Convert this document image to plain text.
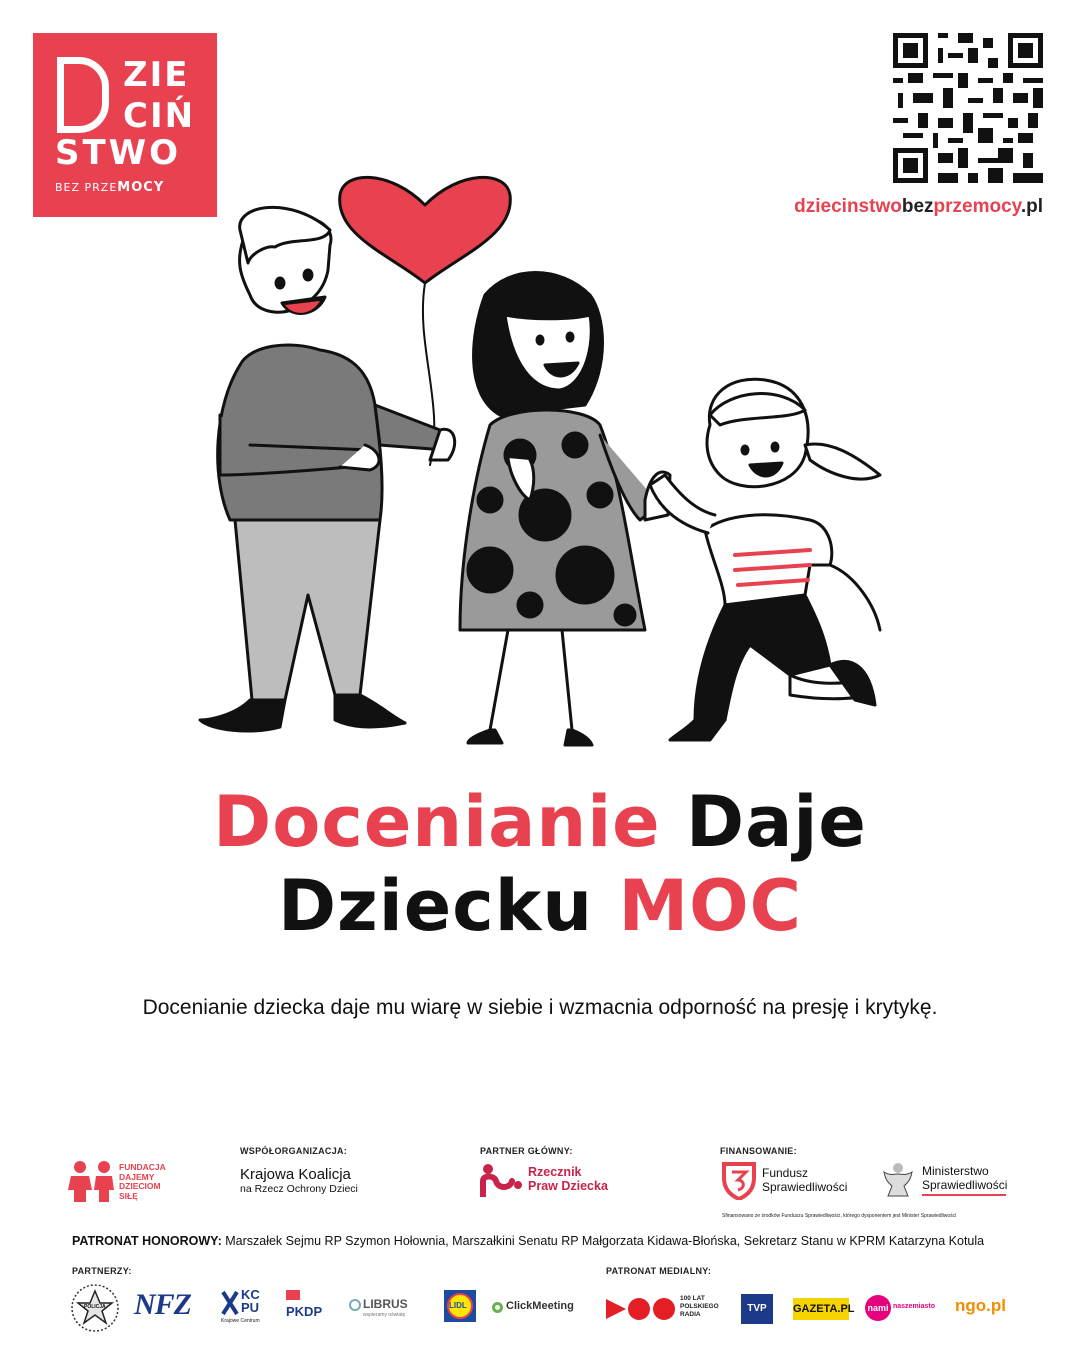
ZIE
CIŃ
STWO
BEZ PRZEMOCY
dziecinstwobezprzemocy.pl
Docenianie Daje
Dziecku MOC
Docenianie dziecka daje mu wiarę w siebie i wzmacnia odporność na presję i krytykę.
FUNDACJA
DAJEMY
DZIECIOM
SIŁĘ
WSPÓŁORGANIZACJA:
Krajowa Koalicja
na Rzecz Ochrony Dzieci
PARTNER GŁÓWNY:
Rzecznik
Praw Dziecka
FINANSOWANIE:
Fundusz
Sprawiedliwości
Ministerstwo
Sprawiedliwości
Sfinansowano ze środków Funduszu Sprawiedliwości, którego dysponentem jest Minister Sprawiedliwości
PATRONAT HONOROWY: Marszałek Sejmu RP Szymon Hołownia, Marszałkini Senatu RP Małgorzata Kidawa-Błońska, Sekretarz Stanu w KPRM Katarzyna Kotula
PARTNERZY:	PATRONAT MEDIALNY:
POLICJA NFZ	KC
PU
Krajowe Centrum
PKDP	LIBRUS
wspieramy oświatę
LIDL	ClickMeeting
100 LAT
POLSKIEGO
RADIA
TVP	GAZETA.PL nami naszemiasto ngo.pl
